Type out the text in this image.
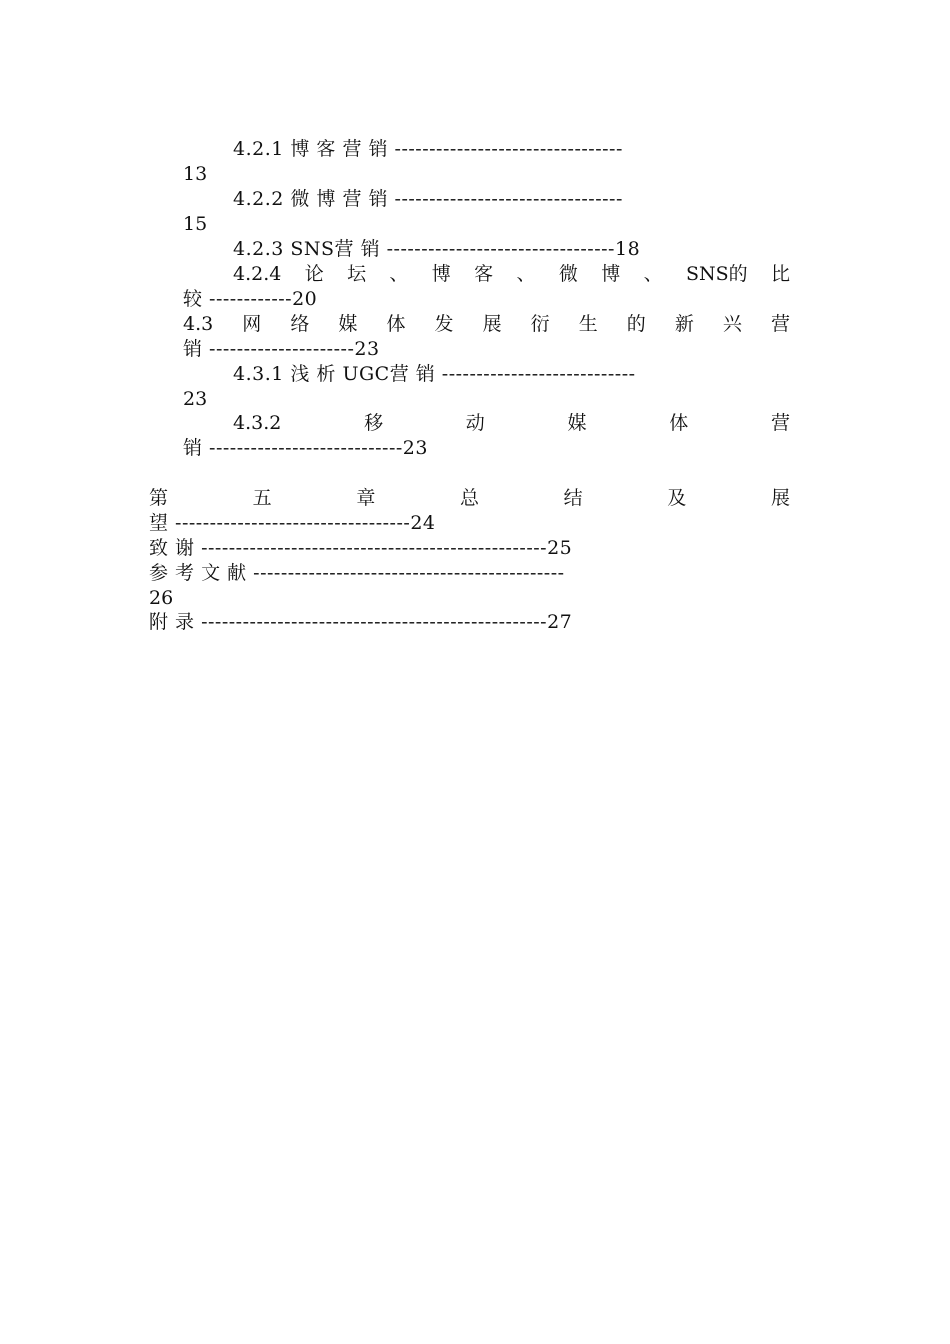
4.2.1 博 客 营 销 ---------------------------------
13
4.2.2 微 博 营 销 ---------------------------------
15
4.2.3 SNS营 销 ---------------------------------18
4.2.4 论 坛 、 博 客 、 微 博 、 SNS的 比
较 ------------20
4.3 网 络 媒 体 发 展 衍 生 的 新 兴 营
销 ---------------------23
4.3.1 浅 析 UGC营 销 ----------------------------
23
4.3.2	移	动	媒	体	营
销 ----------------------------23
第	五	章	总	结	及	展
望 ----------------------------------24
致 谢 --------------------------------------------------25
参 考 文 献 ---------------------------------------------
26
附 录 --------------------------------------------------27
